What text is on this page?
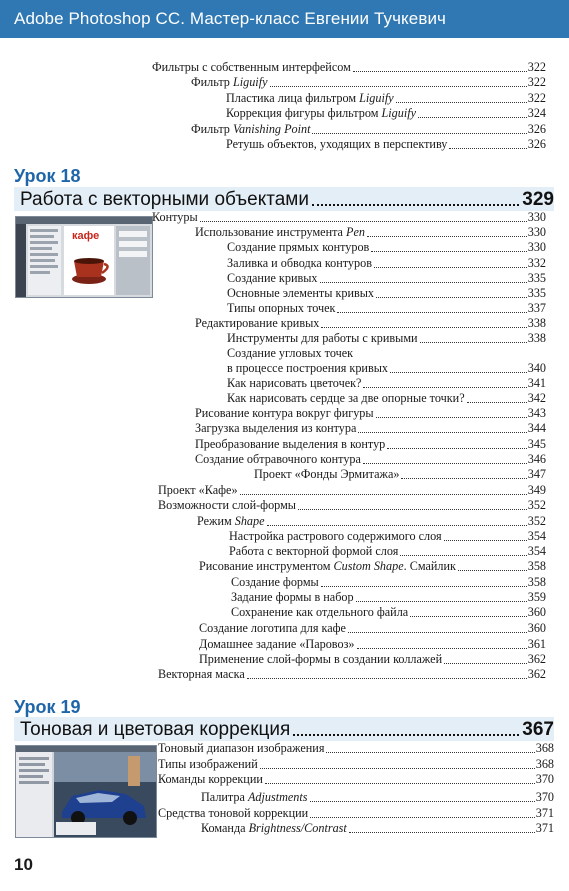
Adobe Photoshop CC. Мастер-класс Евгении Тучкевич
Фильтры с собственным интерфейсом	322
Фильтр Liguify	322
Пластика лица фильтром Liguify	322
Коррекция фигуры фильтром Liguify	324
Фильтр Vanishing Point	326
Ретушь объектов, уходящих в перспективу	326
Урок 18
Работа с векторными объектами	329
кафе
Контуры	330
Использование инструмента Pen	330
Создание прямых контуров	330
Заливка и обводка контуров	332
Создание кривых	335
Основные элементы кривых	335
Типы опорных точек	337
Редактирование кривых	338
Инструменты для работы с кривыми	338
Создание угловых точек
в процессе построения кривых	340
Как нарисовать цветочек?	341
Как нарисовать сердце за две опорные точки?	342
Рисование контура вокруг фигуры	343
Загрузка выделения из контура	344
Преобразование выделения в контур	345
Создание обтравочного контура	346
Проект «Фонды Эрмитажа»	347
Проект «Кафе»	349
Возможности слой-формы	352
Режим Shape	352
Настройка растрового содержимого слоя	354
Работа с векторной формой слоя	354
Рисование инструментом Custom Shape. Смайлик	358
Создание формы	358
Задание формы в набор	359
Сохранение как отдельного файла	360
Создание логотипа для кафе	360
Домашнее задание «Паровоз»	361
Применение слой-формы в создании коллажей	362
Векторная маска	362
Урок 19
Тоновая и цветовая коррекция	367
Тоновый диапазон изображения	368
Типы изображений	368
Команды коррекции	370
Палитра Adjustments	370
Средства тоновой коррекции	371
Команда Brightness/Contrast	371
10
